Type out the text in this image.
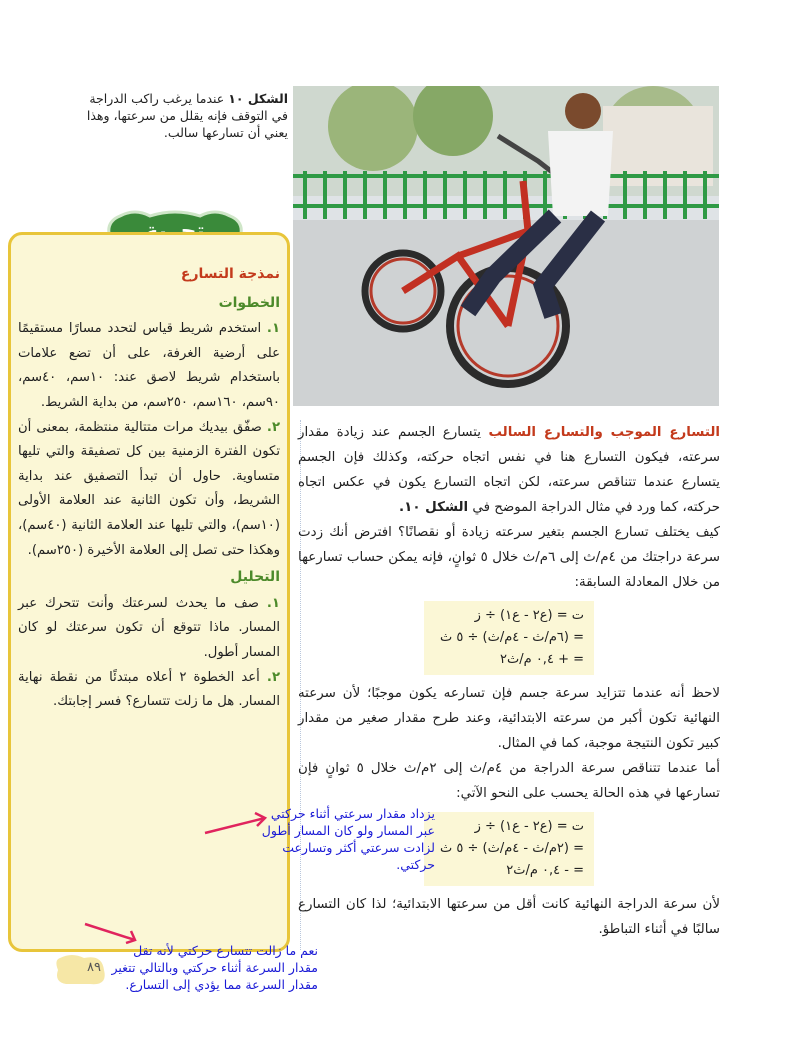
الشكل ١٠ عندما يرغب راكب الدراجة في التوقف فإنه يقلل من سرعتها، وهذا يعني أن تسارعها سالب.
نمذجة التسارع
الخطوات

١. استخدم شريط قياس لتحدد مسارًا مستقيمًا على أرضية الغرفة، على أن تضع علامات باستخدام شريط لاصق عند: ١٠سم، ٤٠سم، ٩٠سم، ١٦٠سم، ٢٥٠سم، من بداية الشريط.

٢. صفّق بيديك مرات متتالية منتظمة، بمعنى أن تكون الفترة الزمنية بين كل تصفيقة والتي تليها متساوية. حاول أن تبدأ التصفيق عند بداية الشريط، وأن تكون الثانية عند العلامة الأولى (١٠سم)، والتي تليها عند العلامة الثانية (٤٠سم)، وهكذا حتى تصل إلى العلامة الأخيرة (٢٥٠سم).

التحليل

١. صف ما يحدث لسرعتك وأنت تتحرك عبر المسار. ماذا تتوقع أن تكون سرعتك لو كان المسار أطول.

٢. أعد الخطوة ٢ أعلاه مبتدئًا من نقطة نهاية المسار. هل ما زلت تتسارع؟ فسر إجابتك.

التسارع الموجب والتسارع السالب يتسارع الجسم عند زيادة مقدار سرعته، فيكون التسارع هنا في نفس اتجاه حركته، وكذلك فإن الجسم يتسارع عندما تتناقص سرعته، لكن اتجاه التسارع يكون في عكس اتجاه حركته، كما ورد في مثال الدراجة الموضح في الشكل ١٠.

كيف يختلف تسارع الجسم بتغير سرعته زيادة أو نقصانًا؟ افترض أنك زدت سرعة دراجتك من ٤م/ث إلى ٦م/ث خلال ٥ ثوانٍ، فإنه يمكن حساب تسارعها من خلال المعادلة السابقة:

ت = (ع٢ - ع١) ÷ ز
= (٦م/ث - ٤م/ث) ÷ ٥ ث
= + ٠,٤ م/ث٢

لاحظ أنه عندما تتزايد سرعة جسم فإن تسارعه يكون موجبًا؛ لأن سرعته النهائية تكون أكبر من سرعته الابتدائية، وعند طرح مقدار صغير من مقدار كبير تكون النتيجة موجبة، كما في المثال.

أما عندما تتناقص سرعة الدراجة من ٤م/ث إلى ٢م/ث خلال ٥ ثوانٍ فإن تسارعها في هذه الحالة يحسب على النحو الآتي:

ت = (ع٢ - ع١) ÷ ز
= (٢م/ث - ٤م/ث) ÷ ٥ ث
= - ٠,٤ م/ث٢

لأن سرعة الدراجة النهائية كانت أقل من سرعتها الابتدائية؛ لذا كان التسارع سالبًا في أثناء التباطؤ.

يزداد مقدار سرعتي أثناء حركتي عبر المسار ولو كان المسار أطول لزادت سرعتي أكثر وتسارعت حركتي.
نعم ما زالت تتسارع حركتي لأنه تقل مقدار السرعة أثناء حركتي وبالتالي تتغير مقدار السرعة مما يؤدي إلى التسارع.
٨٩
